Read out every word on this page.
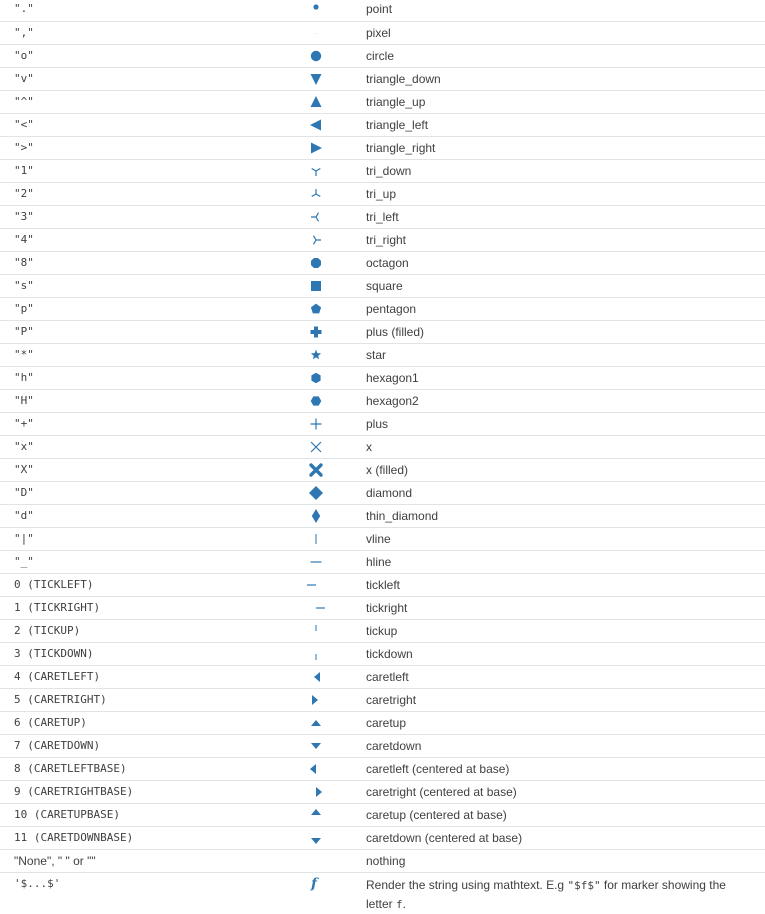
"."	point
","	pixel
"o"	circle
"v"	triangle_down
"^"	triangle_up
"<"	triangle_left
">"	triangle_right
"1"	tri_down
"2"	tri_up
"3"	tri_left
"4"	tri_right
"8"	octagon
"s"	square
"p"	pentagon
"P"	plus (filled)
"*"	star
"h"	hexagon1
"H"	hexagon2
"+"	plus
"x"	x
"X"	x (filled)
"D"	diamond
"d"	thin_diamond
"|"	vline
"_"	hline
0 (TICKLEFT)	tickleft
1 (TICKRIGHT)	tickright
2 (TICKUP)	tickup
3 (TICKDOWN)	tickdown
4 (CARETLEFT)	caretleft
5 (CARETRIGHT)	caretright
6 (CARETUP)	caretup
7 (CARETDOWN)	caretdown
8 (CARETLEFTBASE)	caretleft (centered at base)
9 (CARETRIGHTBASE)	caretright (centered at base)
10 (CARETUPBASE)	caretup (centered at base)
11 (CARETDOWNBASE)	caretdown (centered at base)
"None", " " or ""	nothing
'$...$'	f	Render the string using mathtext. E.g "$f$" for marker showing the letter f.
